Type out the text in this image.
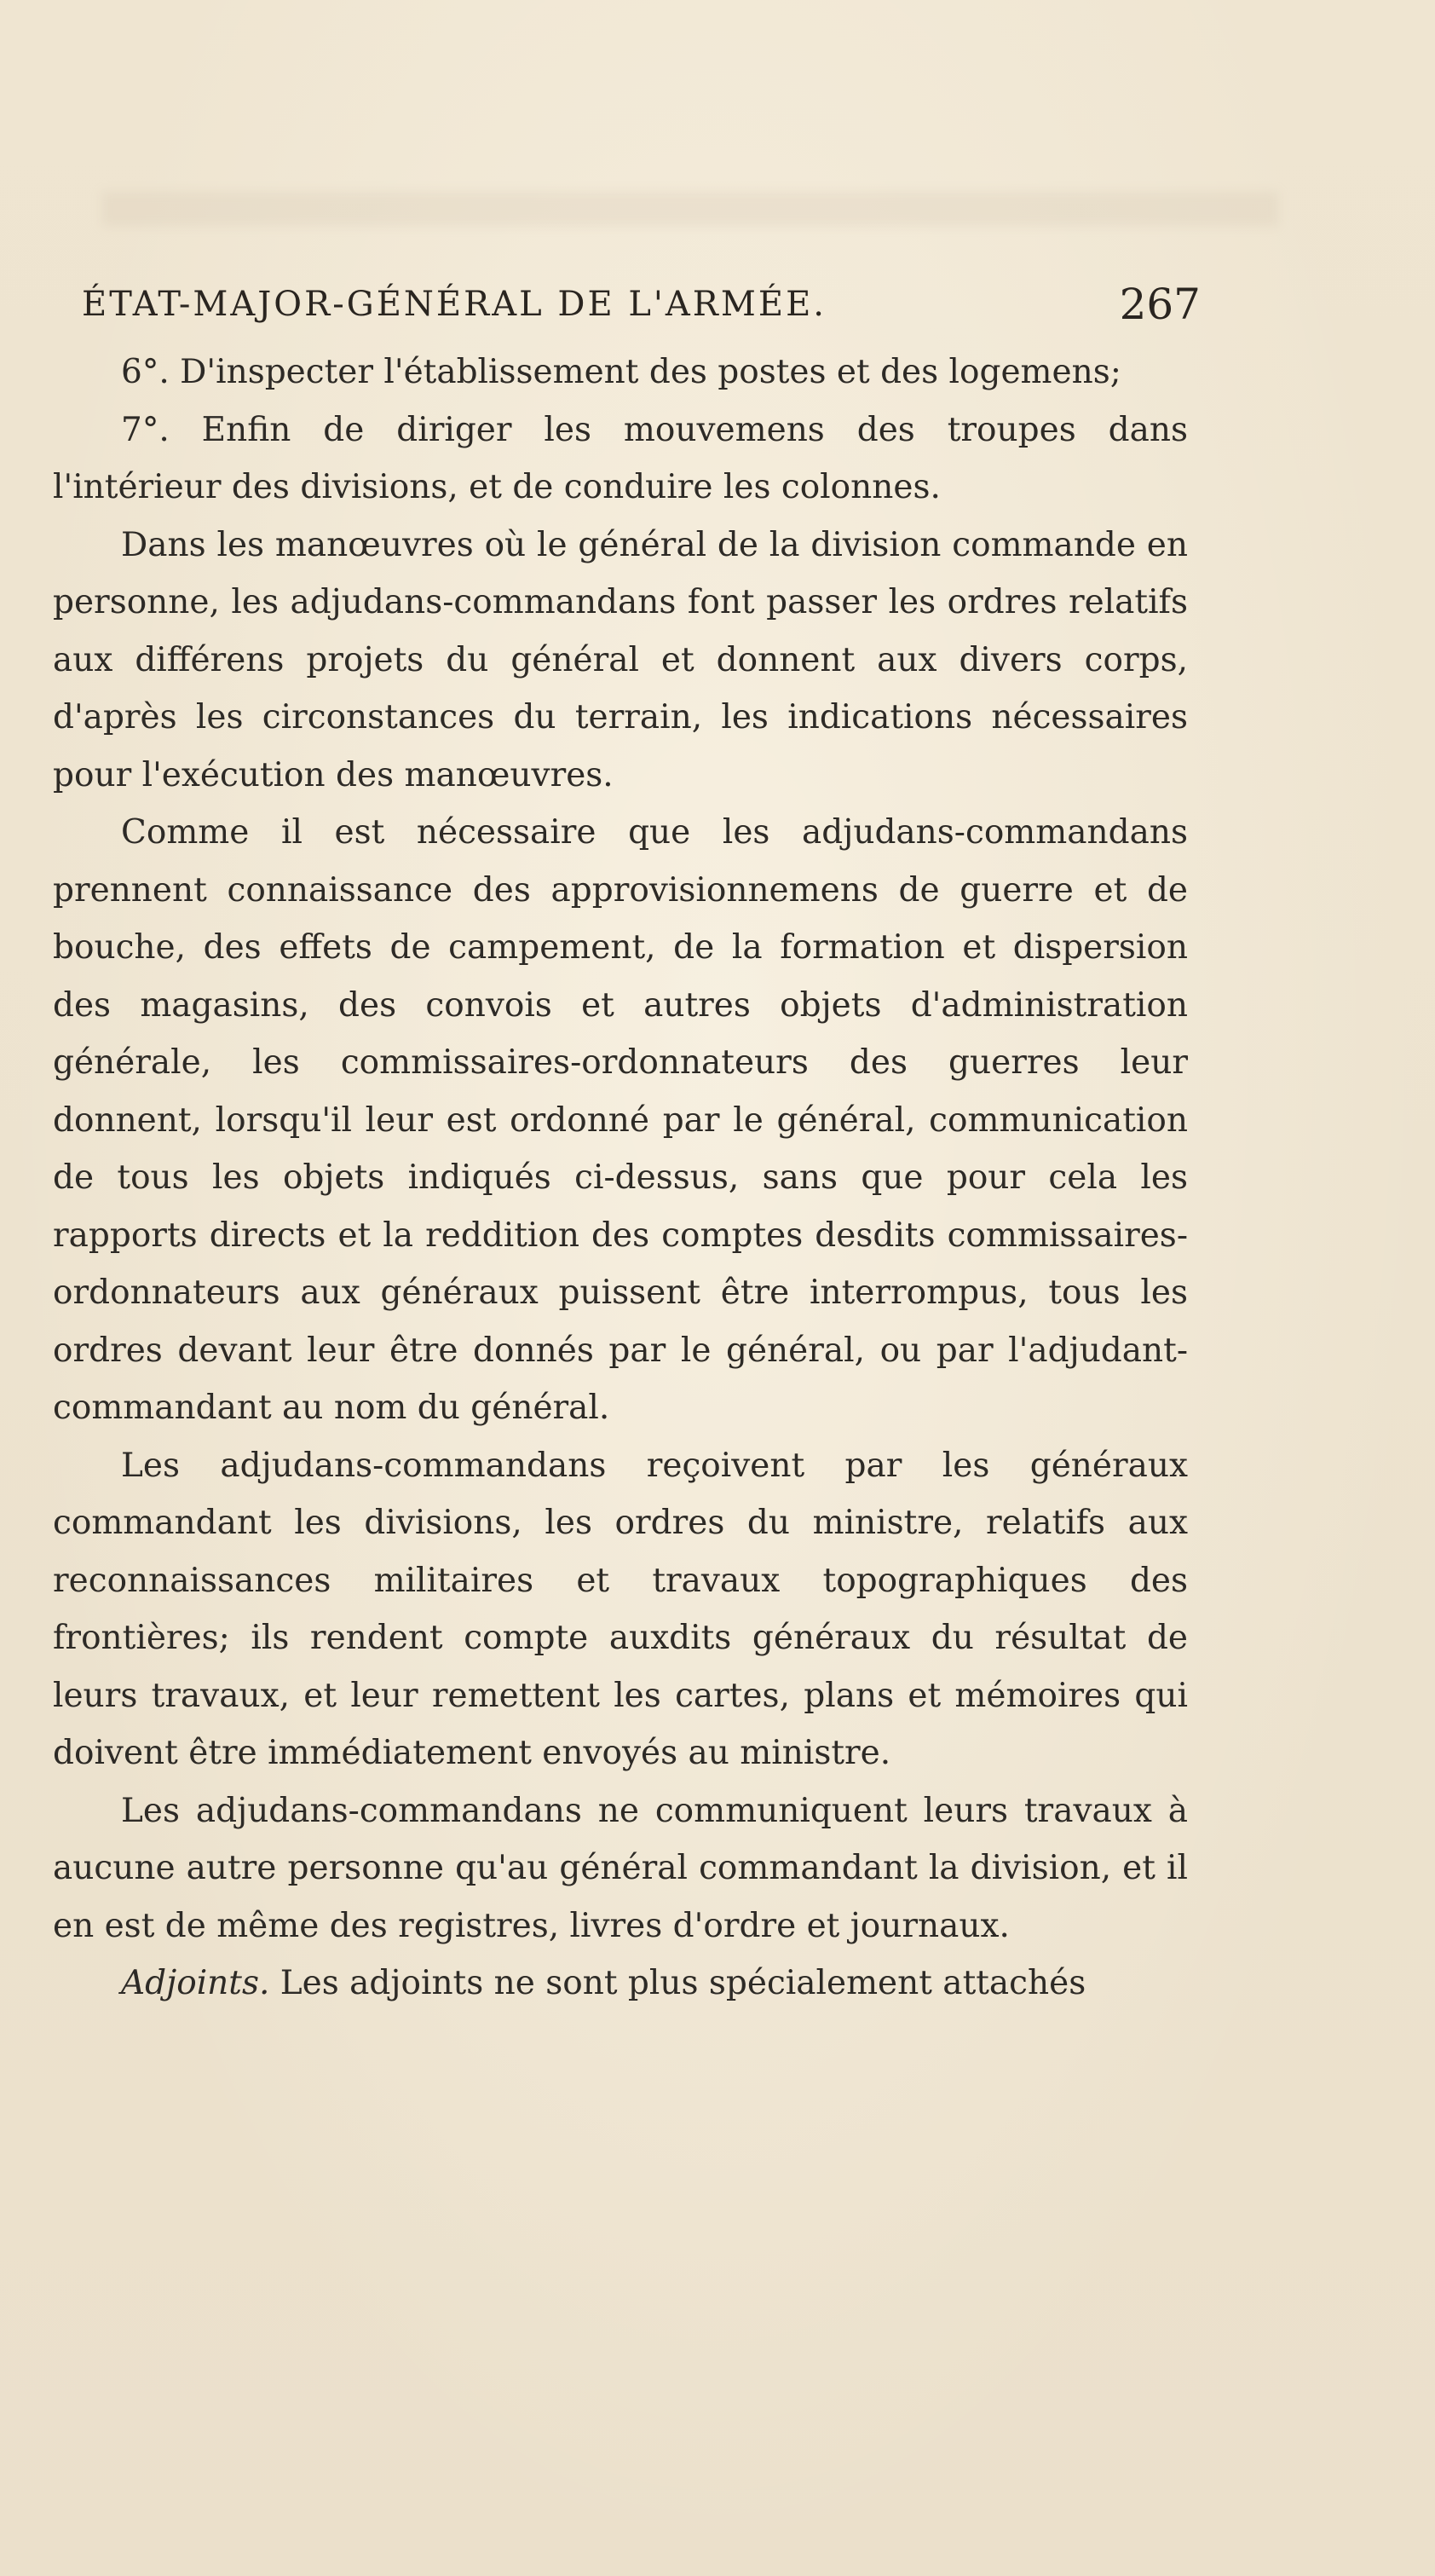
ÉTAT-MAJOR-GÉNÉRAL DE L'ARMÉE.	267

6°. D'inspecter l'établissement des postes et des logemens;

7°. Enfin de diriger les mouvemens des troupes dans l'intérieur des divisions, et de conduire les colonnes.

Dans les manœuvres où le général de la division commande en personne, les adjudans-commandans font passer les ordres relatifs aux différens projets du général et donnent aux divers corps, d'après les circonstances du terrain, les indications nécessaires pour l'exécution des manœuvres.

Comme il est nécessaire que les adjudans-commandans prennent connaissance des approvisionnemens de guerre et de bouche, des effets de campement, de la formation et dispersion des magasins, des convois et autres objets d'administration générale, les commissaires-ordonnateurs des guerres leur donnent, lorsqu'il leur est ordonné par le général, communication de tous les objets indiqués ci-dessus, sans que pour cela les rapports directs et la reddition des comptes desdits commissaires-ordonnateurs aux généraux puissent être interrompus, tous les ordres devant leur être donnés par le général, ou par l'adjudant-commandant au nom du général.

Les adjudans-commandans reçoivent par les généraux commandant les divisions, les ordres du ministre, relatifs aux reconnaissances militaires et travaux topographiques des frontières; ils rendent compte auxdits généraux du résultat de leurs travaux, et leur remettent les cartes, plans et mémoires qui doivent être immédiatement envoyés au ministre.

Les adjudans-commandans ne communiquent leurs travaux à aucune autre personne qu'au général commandant la division, et il en est de même des registres, livres d'ordre et journaux.

Adjoints. Les adjoints ne sont plus spécialement attachés
